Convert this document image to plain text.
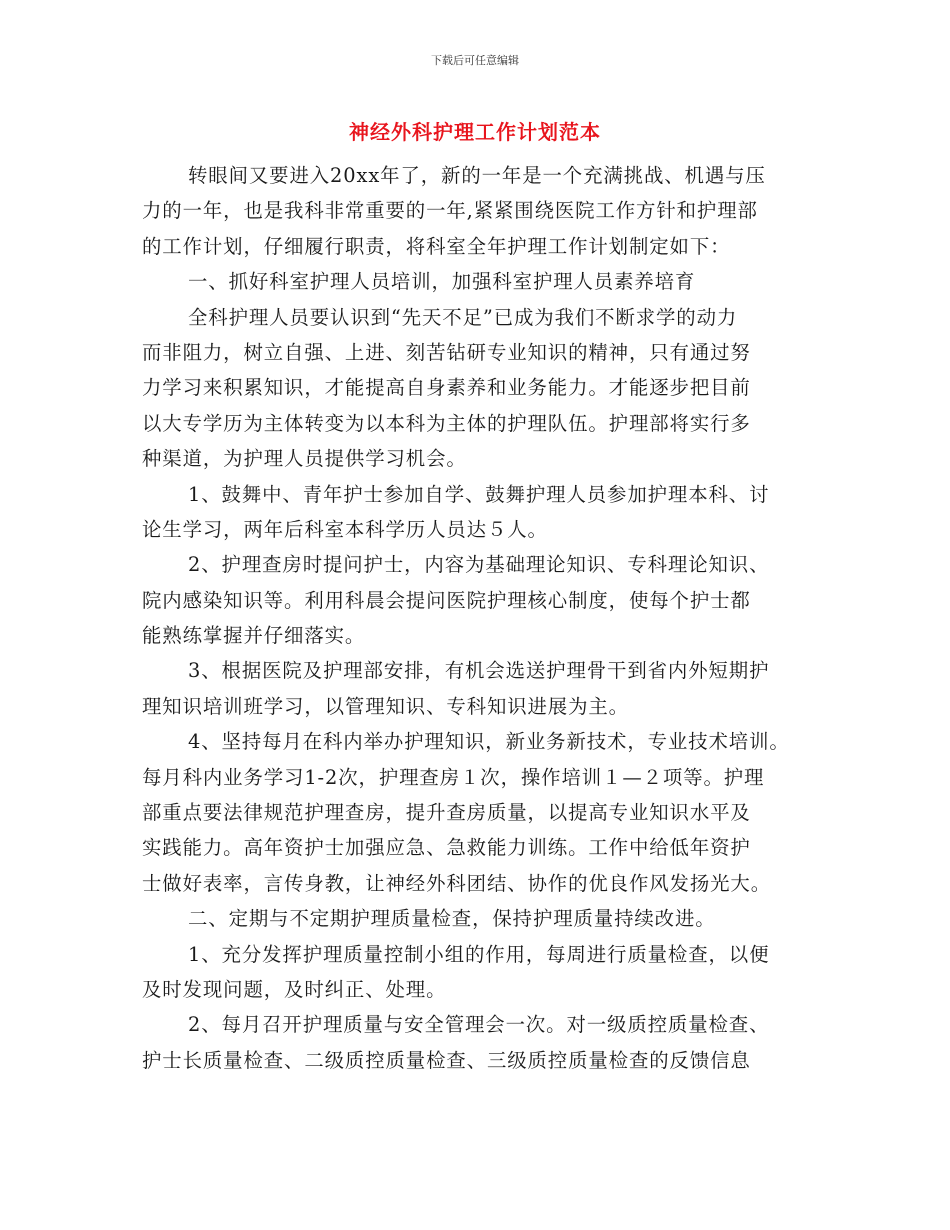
下载后可任意编辑
神经外科护理工作计划范本
转眼间又要进入20xx年了，新的一年是一个充满挑战、机遇与压
力的一年，也是我科非常重要的一年,紧紧围绕医院工作方针和护理部
的工作计划，仔细履行职责，将科室全年护理工作计划制定如下：
一、抓好科室护理人员培训，加强科室护理人员素养培育
全科护理人员要认识到“先天不足”已成为我们不断求学的动力
而非阻力，树立自强、上进、刻苦钻研专业知识的精神，只有通过努
力学习来积累知识，才能提高自身素养和业务能力。才能逐步把目前
以大专学历为主体转变为以本科为主体的护理队伍。护理部将实行多
种渠道，为护理人员提供学习机会。
1、鼓舞中、青年护士参加自学、鼓舞护理人员参加护理本科、讨
论生学习，两年后科室本科学历人员达５人。
2、护理查房时提问护士，内容为基础理论知识、专科理论知识、
院内感染知识等。利用科晨会提问医院护理核心制度，使每个护士都
能熟练掌握并仔细落实。
3、根据医院及护理部安排，有机会选送护理骨干到省内外短期护
理知识培训班学习，以管理知识、专科知识进展为主。
4、坚持每月在科内举办护理知识，新业务新技术，专业技术培训。
每月科内业务学习1-2次，护理查房１次，操作培训１—２项等。护理
部重点要法律规范护理查房，提升查房质量，以提高专业知识水平及
实践能力。高年资护士加强应急、急救能力训练。工作中给低年资护
士做好表率，言传身教，让神经外科团结、协作的优良作风发扬光大。
二、定期与不定期护理质量检查，保持护理质量持续改进。
1、充分发挥护理质量控制小组的作用，每周进行质量检查，以便
及时发现问题，及时纠正、处理。
2、每月召开护理质量与安全管理会一次。对一级质控质量检查、
护士长质量检查、二级质控质量检查、三级质控质量检查的反馈信息
